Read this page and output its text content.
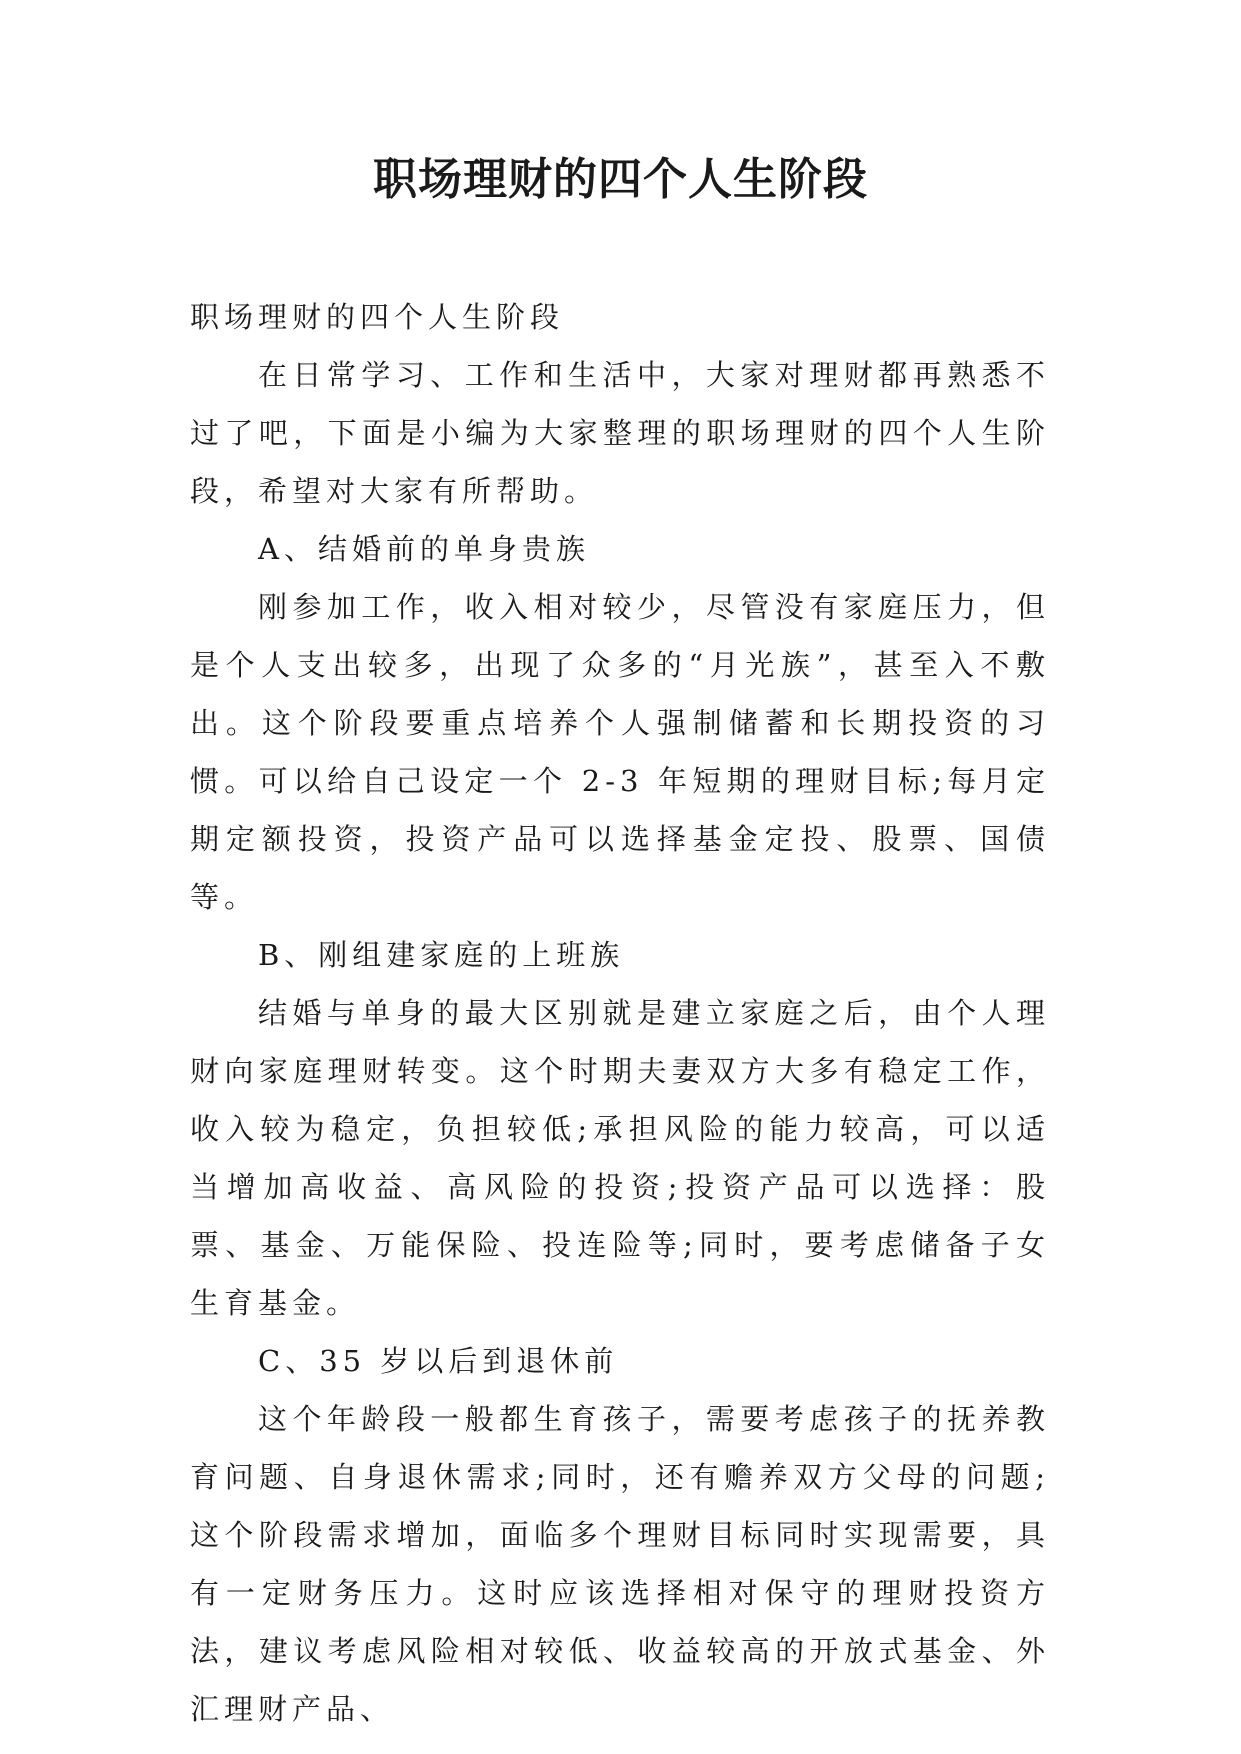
职场理财的四个人生阶段

职场理财的四个人生阶段

在日常学习、工作和生活中，大家对理财都再熟悉不过了吧，下面是小编为大家整理的职场理财的四个人生阶段，希望对大家有所帮助。

A、结婚前的单身贵族

刚参加工作，收入相对较少，尽管没有家庭压力，但是个人支出较多，出现了众多的“月光族”，甚至入不敷出。这个阶段要重点培养个人强制储蓄和长期投资的习惯。可以给自己设定一个 2-3 年短期的理财目标;每月定期定额投资，投资产品可以选择基金定投、股票、国债等。

B、刚组建家庭的上班族

结婚与单身的最大区别就是建立家庭之后，由个人理财向家庭理财转变。这个时期夫妻双方大多有稳定工作，收入较为稳定，负担较低;承担风险的能力较高，可以适当增加高收益、高风险的投资;投资产品可以选择：股票、基金、万能保险、投连险等;同时，要考虑储备子女生育基金。

C、35 岁以后到退休前

这个年龄段一般都生育孩子，需要考虑孩子的抚养教育问题、自身退休需求;同时，还有赡养双方父母的问题;这个阶段需求增加，面临多个理财目标同时实现需要，具有一定财务压力。这时应该选择相对保守的理财投资方法，建议考虑风险相对较低、收益较高的开放式基金、外汇理财产品、
